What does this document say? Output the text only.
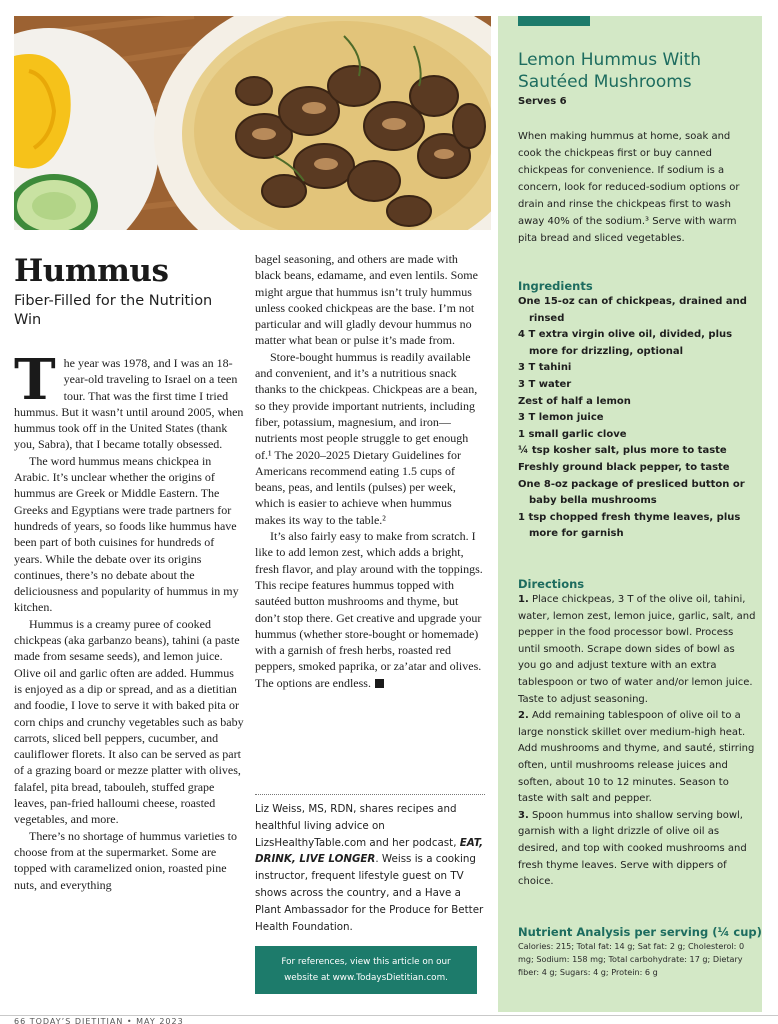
Hummus
Fiber-Filled for the Nutrition Win

The year was 1978, and I was an 18-year-old traveling to Israel on a teen tour. That was the first time I tried hummus. But it wasn’t until around 2005, when hummus took off in the United States (thank you, Sabra), that I became totally obsessed.

The word hummus means chickpea in Arabic. It’s unclear whether the origins of hummus are Greek or Middle Eastern. The Greeks and Egyptians were trade partners for hundreds of years, so foods like hummus have been part of both cuisines for hundreds of years. While the debate over its origins continues, there’s no debate about the deliciousness and popularity of hummus in my kitchen.

Hummus is a creamy puree of cooked chickpeas (aka garbanzo beans), tahini (a paste made from sesame seeds), and lemon juice. Olive oil and garlic often are added. Hummus is enjoyed as a dip or spread, and as a dietitian and foodie, I love to serve it with baked pita or corn chips and crunchy vegetables such as baby carrots, sliced bell peppers, cucumber, and cauliflower florets. It also can be served as part of a grazing board or mezze platter with olives, falafel, pita bread, tabouleh, stuffed grape leaves, pan-fried halloumi cheese, roasted vegetables, and more.

There’s no shortage of hummus varieties to choose from at the supermarket. Some are topped with caramelized onion, roasted pine nuts, and everything

bagel seasoning, and others are made with black beans, edamame, and even lentils. Some might argue that hummus isn’t truly hummus unless cooked chickpeas are the base. I’m not particular and will gladly devour hummus no matter what bean or pulse it’s made from.

Store-bought hummus is readily available and convenient, and it’s a nutritious snack thanks to the chickpeas. Chickpeas are a bean, so they provide important nutrients, including fiber, potassium, magnesium, and iron—nutrients most people struggle to get enough of.¹ The 2020–2025 Dietary Guidelines for Americans recommend eating 1.5 cups of beans, peas, and lentils (pulses) per week, which is easier to achieve when hummus makes its way to the table.²

It’s also fairly easy to make from scratch. I like to add lemon zest, which adds a bright, fresh flavor, and play around with the toppings. This recipe features hummus topped with sautéed button mushrooms and thyme, but don’t stop there. Get creative and upgrade your hummus (whether store-bought or homemade) with a garnish of fresh herbs, roasted red peppers, smoked paprika, or za’atar and olives. The options are endless.

Liz Weiss, MS, RDN, shares recipes and healthful living advice on LizsHealthyTable.com and her podcast, EAT, DRINK, LIVE LONGER. Weiss is a cooking instructor, frequent lifestyle guest on TV shows across the country, and a Have a Plant Ambassador for the Produce for Better Health Foundation.
For references, view this article on our
website at www.TodaysDietitian.com.
Lemon Hummus With Sautéed Mushrooms
Serves 6
When making hummus at home, soak and cook the chickpeas first or buy canned chickpeas for convenience. If sodium is a concern, look for reduced-sodium options or drain and rinse the chickpeas first to wash away 40% of the sodium.³ Serve with warm pita bread and sliced vegetables.
Ingredients
One 15-oz can of chickpeas, drained and rinsed
4 T extra virgin olive oil, divided, plus more for drizzling, optional
3 T tahini
3 T water
Zest of half a lemon
3 T lemon juice
1 small garlic clove
¼ tsp kosher salt, plus more to taste
Freshly ground black pepper, to taste
One 8-oz package of presliced button or baby bella mushrooms
1 tsp chopped fresh thyme leaves, plus more for garnish
Directions
1. Place chickpeas, 3 T of the olive oil, tahini, water, lemon zest, lemon juice, garlic, salt, and pepper in the food processor bowl. Process until smooth. Scrape down sides of bowl as you go and adjust texture with an extra tablespoon or two of water and/or lemon juice. Taste to adjust seasoning.
2. Add remaining tablespoon of olive oil to a large nonstick skillet over medium-high heat. Add mushrooms and thyme, and sauté, stirring often, until mushrooms release juices and soften, about 10 to 12 minutes. Season to taste with salt and pepper.
3. Spoon hummus into shallow serving bowl, garnish with a light drizzle of olive oil as desired, and top with cooked mushrooms and fresh thyme leaves. Serve with dippers of choice.
Nutrient Analysis per serving (¼ cup)
Calories: 215; Total fat: 14 g; Sat fat: 2 g; Cholesterol: 0 mg; Sodium: 158 mg; Total carbohydrate: 17 g; Dietary fiber: 4 g; Sugars: 4 g; Protein: 6 g
66 TODAY’S DIETITIAN • MAY 2023
